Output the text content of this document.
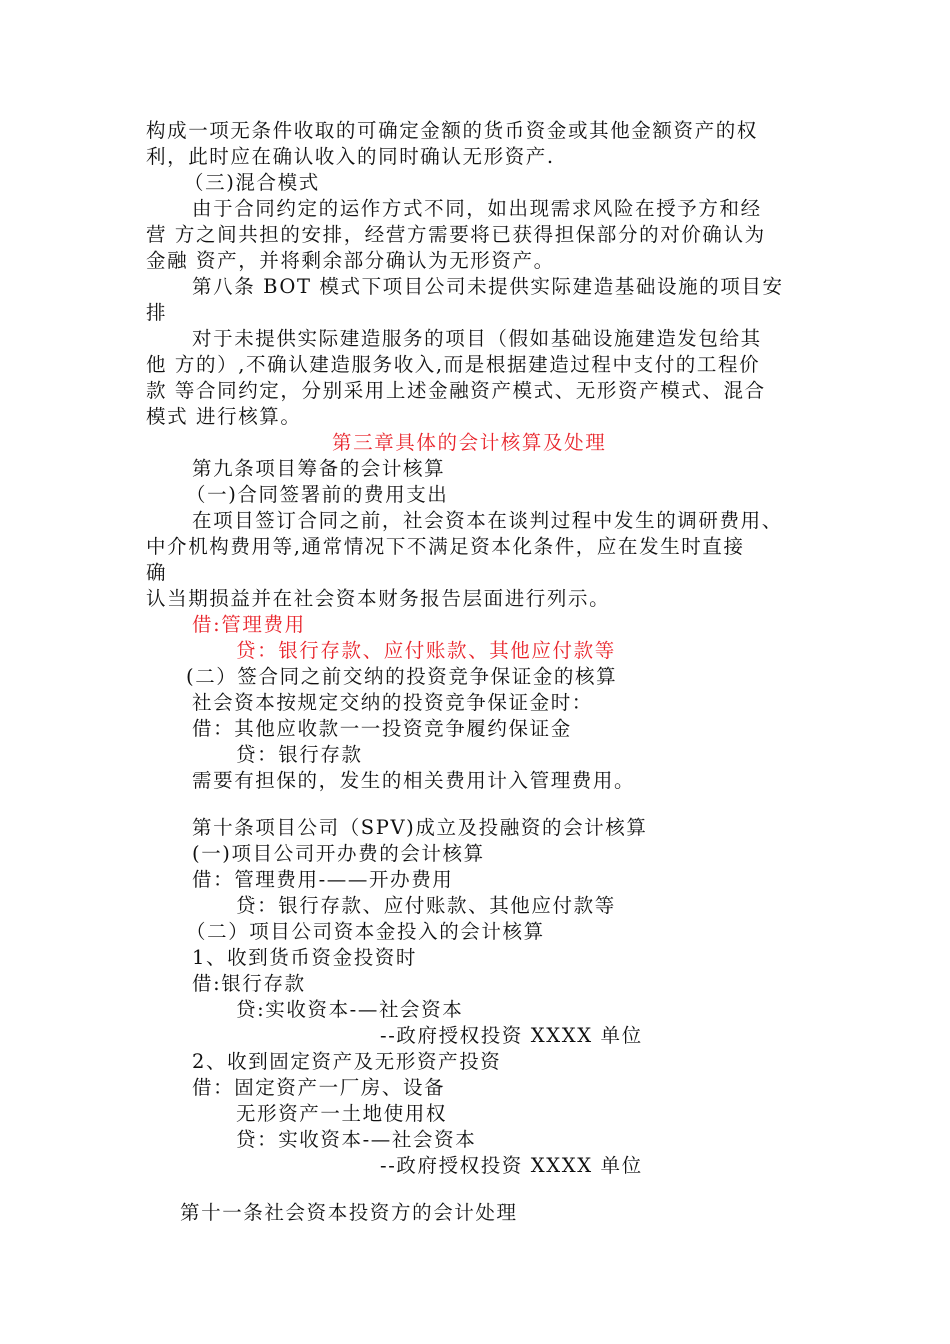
构成一项无条件收取的可确定金额的货币资金或其他金额资产的权
利，此时应在确认收入的同时确认无形资产.
（三)混合模式
由于合同约定的运作方式不同，如出现需求风险在授予方和经
营 方之间共担的安排，经营方需要将已获得担保部分的对价确认为
金融 资产，并将剩余部分确认为无形资产。
第八条 BOT 模式下项目公司未提供实际建造基础设施的项目安
排
对于未提供实际建造服务的项目（假如基础设施建造发包给其
他 方的）,不确认建造服务收入,而是根据建造过程中支付的工程价
款 等合同约定，分别采用上述金融资产模式、无形资产模式、混合
模式 进行核算。
第三章具体的会计核算及处理
第九条项目筹备的会计核算
（一)合同签署前的费用支出
在项目签订合同之前，社会资本在谈判过程中发生的调研费用、
中介机构费用等,通常情况下不满足资本化条件，应在发生时直接
确
认当期损益并在社会资本财务报告层面进行列示。
借:管理费用
贷：银行存款、应付账款、其他应付款等
(二）签合同之前交纳的投资竞争保证金的核算
社会资本按规定交纳的投资竞争保证金时：
借：其他应收款一一投资竞争履约保证金
贷：银行存款
需要有担保的，发生的相关费用计入管理费用。
第十条项目公司（SPV)成立及投融资的会计核算
(一)项目公司开办费的会计核算
借：管理费用-——开办费用
贷：银行存款、应付账款、其他应付款等
（二）项目公司资本金投入的会计核算
1、收到货币资金投资时
借:银行存款
贷:实收资本-—社会资本
--政府授权投资 XXXX 单位
2、收到固定资产及无形资产投资
借：固定资产一厂房、设备
无形资产一土地使用权
贷：实收资本-—社会资本
--政府授权投资 XXXX 单位
第十一条社会资本投资方的会计处理
